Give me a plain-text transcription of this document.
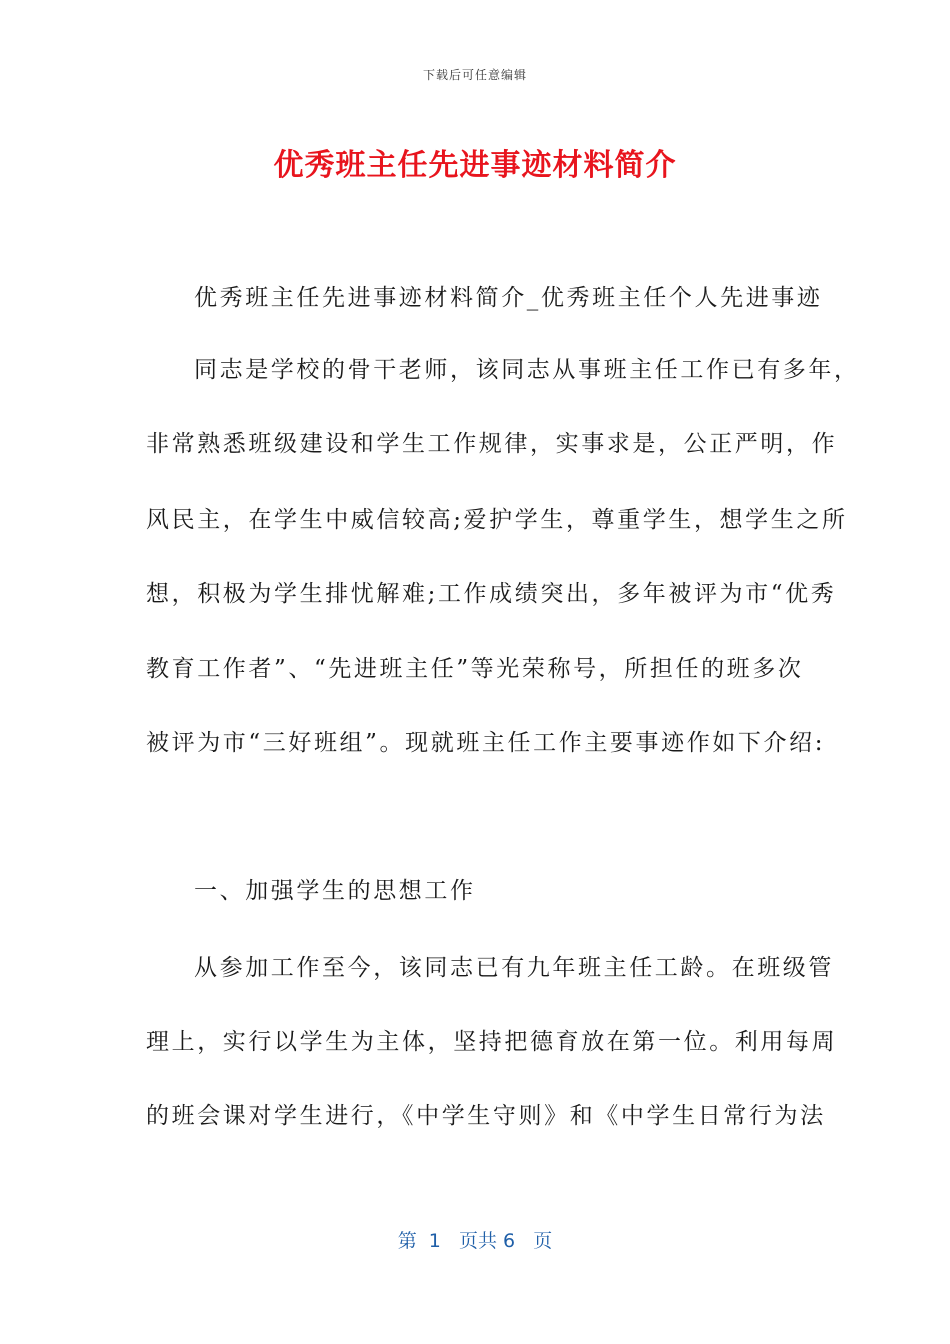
下载后可任意编辑
优秀班主任先进事迹材料简介
优秀班主任先进事迹材料简介_优秀班主任个人先进事迹
同志是学校的骨干老师，该同志从事班主任工作已有多年，
非常熟悉班级建设和学生工作规律，实事求是，公正严明，作
风民主，在学生中威信较高;爱护学生，尊重学生，想学生之所
想，积极为学生排忧解难;工作成绩突出，多年被评为市“优秀
教育工作者”、“先进班主任”等光荣称号，所担任的班多次
被评为市“三好班组”。现就班主任工作主要事迹作如下介绍:
一、加强学生的思想工作
从参加工作至今，该同志已有九年班主任工龄。在班级管
理上，实行以学生为主体，坚持把德育放在第一位。利用每周
的班会课对学生进行，《中学生守则》和《中学生日常行为法
第  1   页共 6   页
